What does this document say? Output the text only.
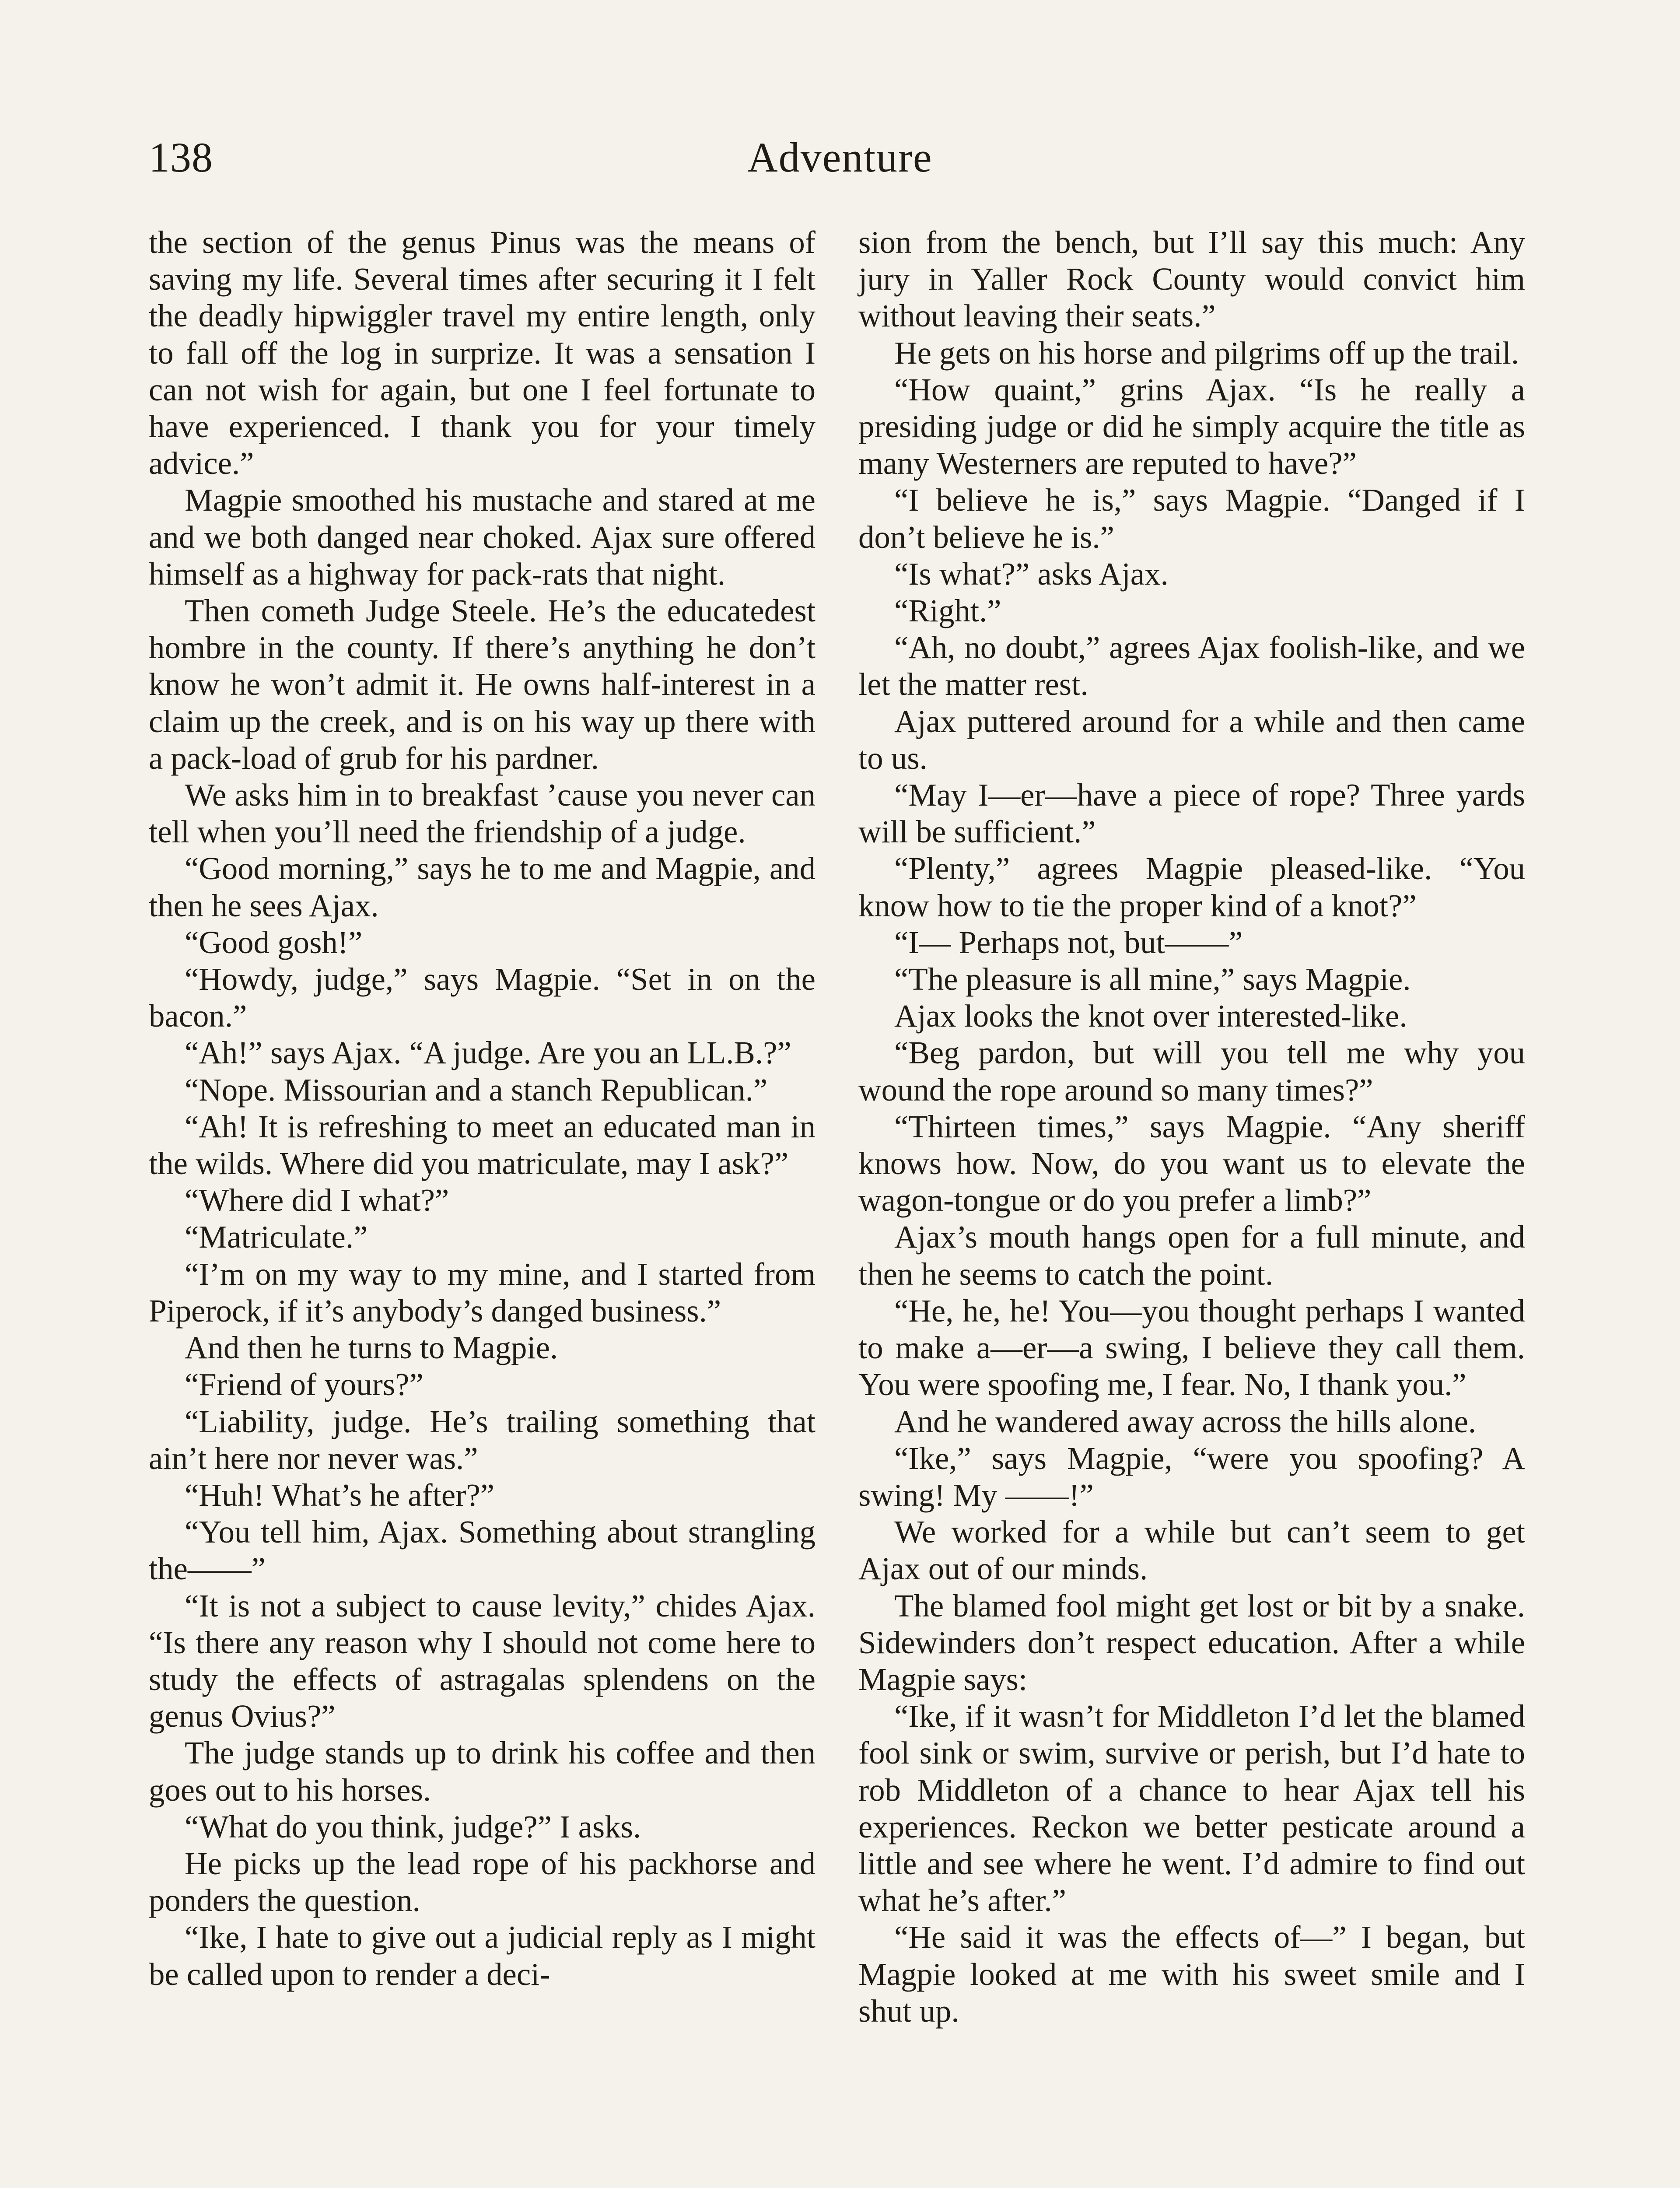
138	Adventure

the section of the genus Pinus was the means of saving my life. Several times after securing it I felt the deadly hipwiggler travel my entire length, only to fall off the log in surprize. It was a sensation I can not wish for again, but one I feel fortunate to have experienced. I thank you for your timely advice.”

Magpie smoothed his mustache and stared at me and we both danged near choked. Ajax sure offered himself as a highway for pack-rats that night.

Then cometh Judge Steele. He’s the educatedest hombre in the county. If there’s anything he don’t know he won’t admit it. He owns half-interest in a claim up the creek, and is on his way up there with a pack-load of grub for his pardner.

We asks him in to breakfast ’cause you never can tell when you’ll need the friendship of a judge.

“Good morning,” says he to me and Magpie, and then he sees Ajax.

“Good gosh!”

“Howdy, judge,” says Magpie. “Set in on the bacon.”

“Ah!” says Ajax. “A judge. Are you an LL.B.?”

“Nope. Missourian and a stanch Republican.”

“Ah! It is refreshing to meet an educated man in the wilds. Where did you matriculate, may I ask?”

“Where did I what?”

“Matriculate.”

“I’m on my way to my mine, and I started from Piperock, if it’s anybody’s danged business.”

And then he turns to Magpie.

“Friend of yours?”

“Liability, judge. He’s trailing something that ain’t here nor never was.”

“Huh! What’s he after?”

“You tell him, Ajax. Something about strangling the——”

“It is not a subject to cause levity,” chides Ajax. “Is there any reason why I should not come here to study the effects of astragalas splendens on the genus Ovius?”

The judge stands up to drink his coffee and then goes out to his horses.

“What do you think, judge?” I asks.

He picks up the lead rope of his packhorse and ponders the question.

“Ike, I hate to give out a judicial reply as I might be called upon to render a deci-

sion from the bench, but I’ll say this much: Any jury in Yaller Rock County would convict him without leaving their seats.”

He gets on his horse and pilgrims off up the trail.

“How quaint,” grins Ajax. “Is he really a presiding judge or did he simply acquire the title as many Westerners are reputed to have?”

“I believe he is,” says Magpie. “Danged if I don’t believe he is.”

“Is what?” asks Ajax.

“Right.”

“Ah, no doubt,” agrees Ajax foolish-like, and we let the matter rest.

Ajax puttered around for a while and then came to us.

“May I—er—have a piece of rope? Three yards will be sufficient.”

“Plenty,” agrees Magpie pleased-like. “You know how to tie the proper kind of a knot?”

“I— Perhaps not, but——”

“The pleasure is all mine,” says Magpie.

Ajax looks the knot over interested-like.

“Beg pardon, but will you tell me why you wound the rope around so many times?”

“Thirteen times,” says Magpie. “Any sheriff knows how. Now, do you want us to elevate the wagon-tongue or do you prefer a limb?”

Ajax’s mouth hangs open for a full minute, and then he seems to catch the point.

“He, he, he! You—you thought perhaps I wanted to make a—er—a swing, I believe they call them. You were spoofing me, I fear. No, I thank you.”

And he wandered away across the hills alone.

“Ike,” says Magpie, “were you spoofing? A swing! My ——!”

We worked for a while but can’t seem to get Ajax out of our minds.

The blamed fool might get lost or bit by a snake. Sidewinders don’t respect education. After a while Magpie says:

“Ike, if it wasn’t for Middleton I’d let the blamed fool sink or swim, survive or perish, but I’d hate to rob Middleton of a chance to hear Ajax tell his experiences. Reckon we better pesticate around a little and see where he went. I’d admire to find out what he’s after.”

“He said it was the effects of—” I began, but Magpie looked at me with his sweet smile and I shut up.
